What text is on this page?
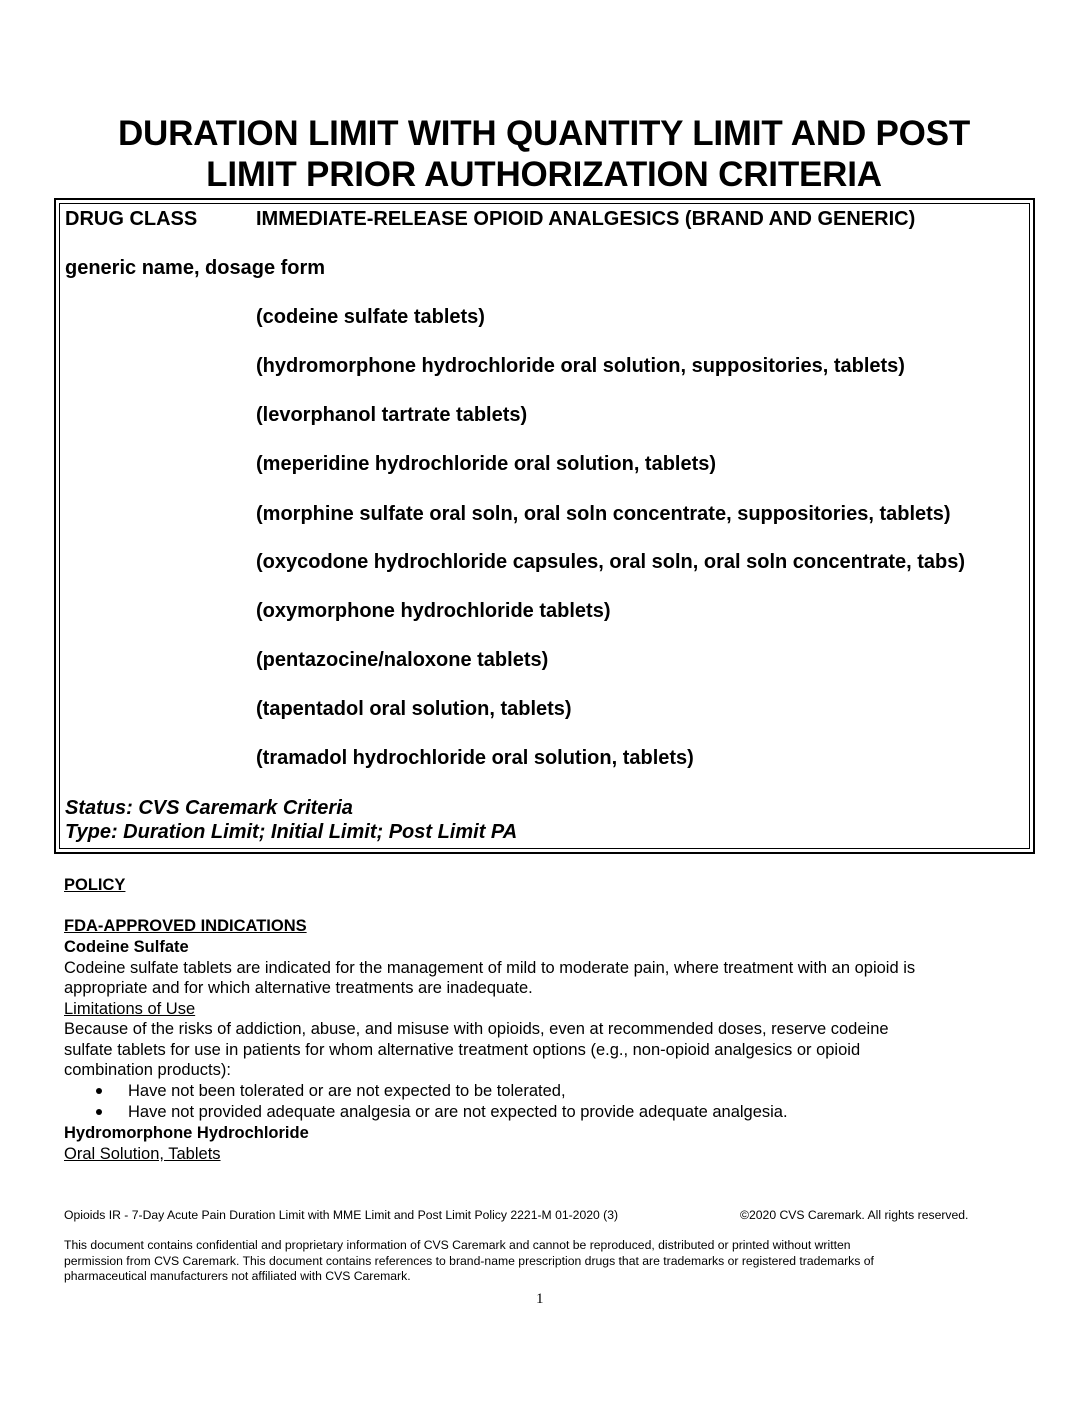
DURATION LIMIT WITH QUANTITY LIMIT AND POST
LIMIT PRIOR AUTHORIZATION CRITERIA
DRUG CLASS	IMMEDIATE-RELEASE OPIOID ANALGESICS (BRAND AND GENERIC)
generic name, dosage form
(codeine sulfate tablets)
(hydromorphone hydrochloride oral solution, suppositories, tablets)
(levorphanol tartrate tablets)
(meperidine hydrochloride oral solution, tablets)
(morphine sulfate oral soln, oral soln concentrate, suppositories, tablets)
(oxycodone hydrochloride capsules, oral soln, oral soln concentrate, tabs)
(oxymorphone hydrochloride tablets)
(pentazocine/naloxone tablets)
(tapentadol oral solution, tablets)
(tramadol hydrochloride oral solution, tablets)
Status: CVS Caremark Criteria
Type: Duration Limit; Initial Limit; Post Limit PA
POLICY
FDA-APPROVED INDICATIONS
Codeine Sulfate
Codeine sulfate tablets are indicated for the management of mild to moderate pain, where treatment with an opioid is
appropriate and for which alternative treatments are inadequate.
Limitations of Use
Because of the risks of addiction, abuse, and misuse with opioids, even at recommended doses, reserve codeine
sulfate tablets for use in patients for whom alternative treatment options (e.g., non-opioid analgesics or opioid
combination products):
Have not been tolerated or are not expected to be tolerated,
Have not provided adequate analgesia or are not expected to provide adequate analgesia.
Hydromorphone Hydrochloride
Oral Solution, Tablets
Opioids IR - 7-Day Acute Pain Duration Limit with MME Limit and Post Limit Policy 2221-M 01-2020 (3)	©2020 CVS Caremark. All rights reserved.
This document contains confidential and proprietary information of CVS Caremark and cannot be reproduced, distributed or printed without written
permission from CVS Caremark. This document contains references to brand-name prescription drugs that are trademarks or registered trademarks of
pharmaceutical manufacturers not affiliated with CVS Caremark.
1
